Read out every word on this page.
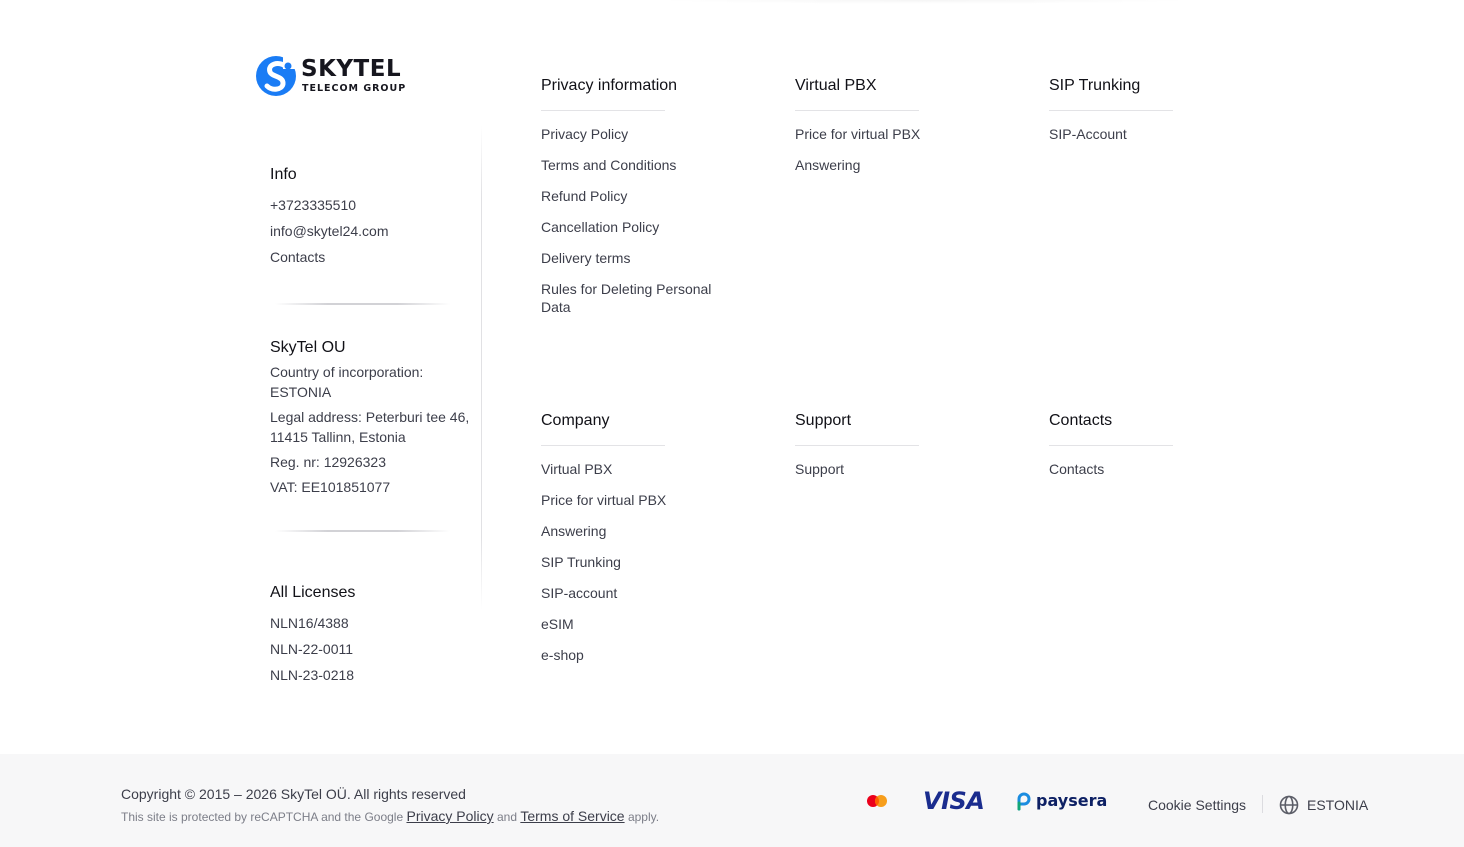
SKYTEL
TELECOM GROUP
Info
+3723335510
info@skytel24.com
Contacts
SkyTel OU
Country of incorporation: ESTONIA
Legal address: Peterburi tee 46, 11415 Tallinn, Estonia
Reg. nr: 12926323
VAT: EE101851077
All Licenses
NLN16/4388
NLN-22-0011
NLN-23-0218
Privacy information
Privacy Policy
Terms and Conditions
Refund Policy
Cancellation Policy
Delivery terms
Rules for Deleting Personal Data
Virtual PBX
Price for virtual PBX
Answering
SIP Trunking
SIP-Account
Company
Virtual PBX
Price for virtual PBX
Answering
SIP Trunking
SIP-account
eSIM
e-shop
Support
Support
Contacts
Contacts
Copyright © 2015 – 2026 SkyTel OÜ. All rights reserved
This site is protected by reCAPTCHA and the Google Privacy Policy and Terms of Service apply.
VISA	paysera	Cookie Settings	ESTONIA
